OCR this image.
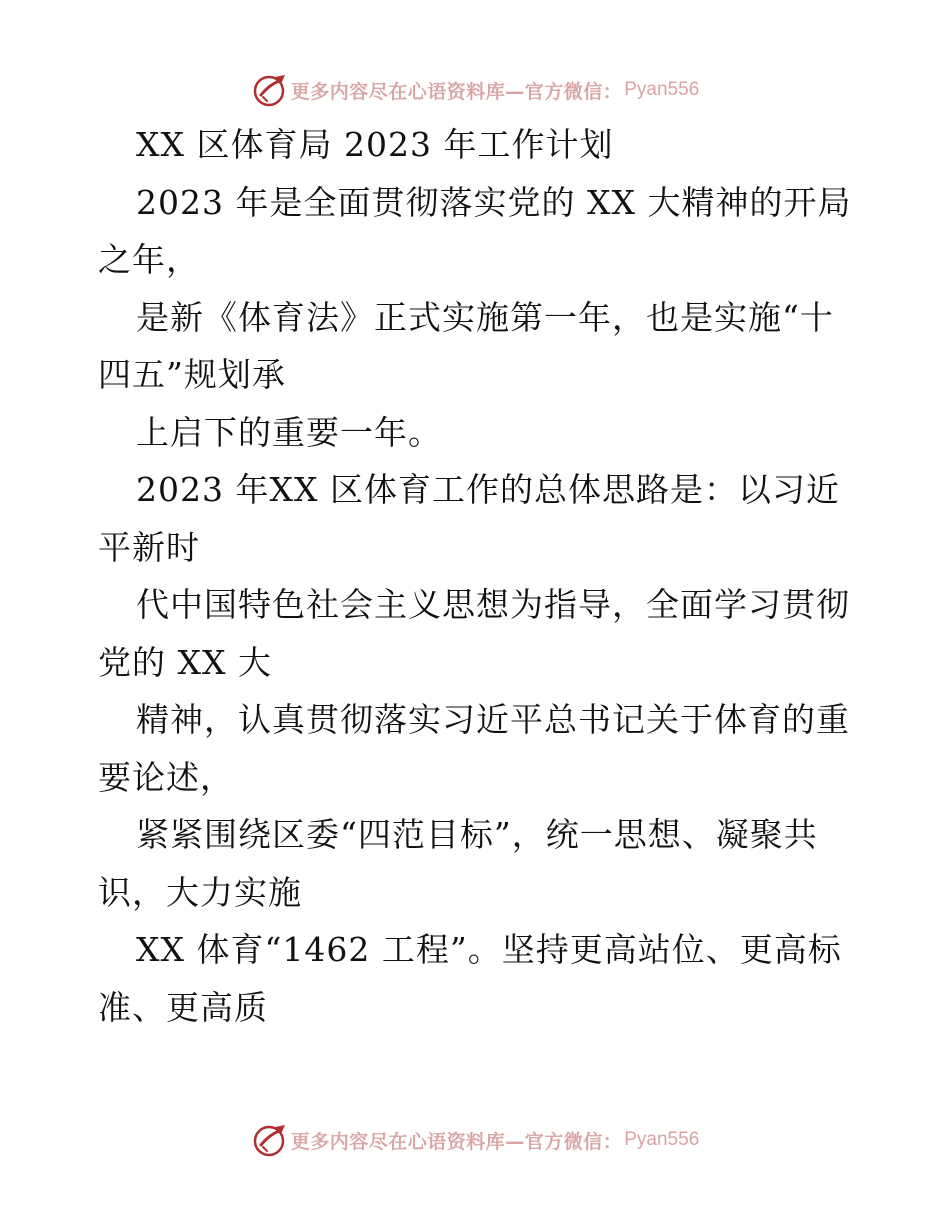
更多内容尽在心语资料库—官方微信： Pyan556
XX 区体育局 2023 年工作计划
2023 年是全面贯彻落实党的 XX 大精神的开局
之年，
是新《体育法》正式实施第一年，也是实施“十
四五”规划承
上启下的重要一年。
2023 年XX 区体育工作的总体思路是：以习近
平新时
代中国特色社会主义思想为指导，全面学习贯彻
党的 XX 大
精神，认真贯彻落实习近平总书记关于体育的重
要论述，
紧紧围绕区委“四范目标”，统一思想、凝聚共
识，大力实施
XX 体育“1462 工程”。坚持更高站位、更高标
准、更高质
更多内容尽在心语资料库—官方微信： Pyan556
